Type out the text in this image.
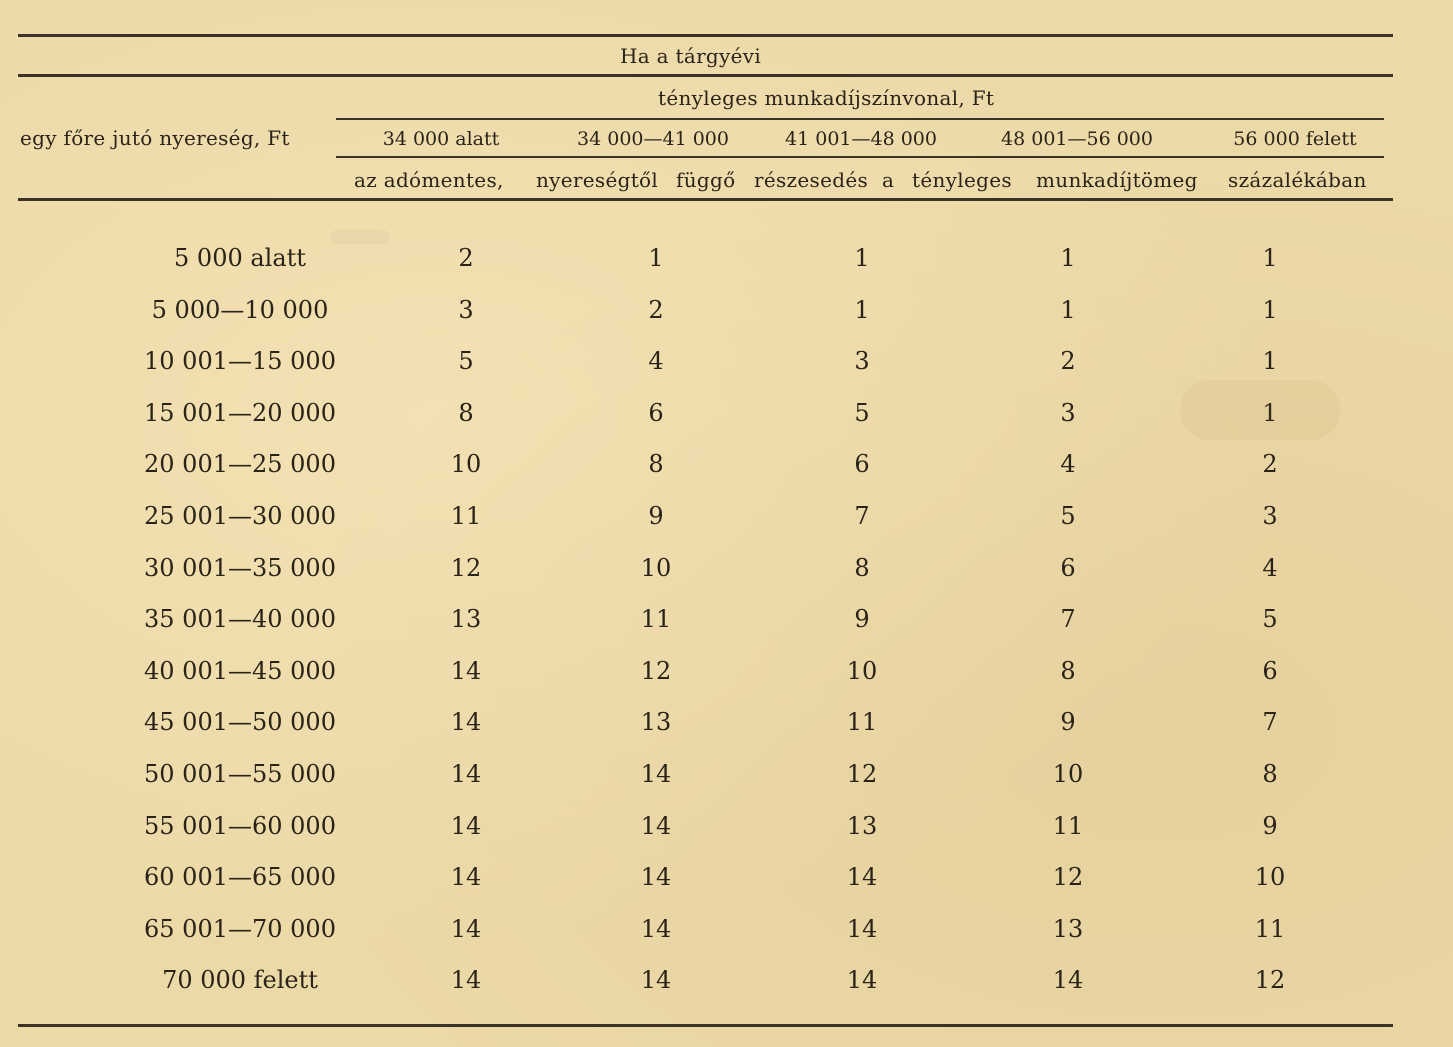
Ha a tárgyévi
tényleges munkadíjszínvonal, Ft
egy főre jutó nyereség, Ft	34 000 alatt	34 000—41 000	41 001—48 000	48 001—56 000	56 000 felett
az adómentes, nyereségtől függő részesedés a tényleges munkadíjtömeg százalékában
5 000 alatt	2	1	1	1	1
5 000—10 000	3	2	1	1	1
10 001—15 000	5	4	3	2	1
15 001—20 000	8	6	5	3	1
20 001—25 000	10	8	6	4	2
25 001—30 000	11	9	7	5	3
30 001—35 000	12	10	8	6	4
35 001—40 000	13	11	9	7	5
40 001—45 000	14	12	10	8	6
45 001—50 000	14	13	11	9	7
50 001—55 000	14	14	12	10	8
55 001—60 000	14	14	13	11	9
60 001—65 000	14	14	14	12	10
65 001—70 000	14	14	14	13	11
70 000 felett	14	14	14	14	12
